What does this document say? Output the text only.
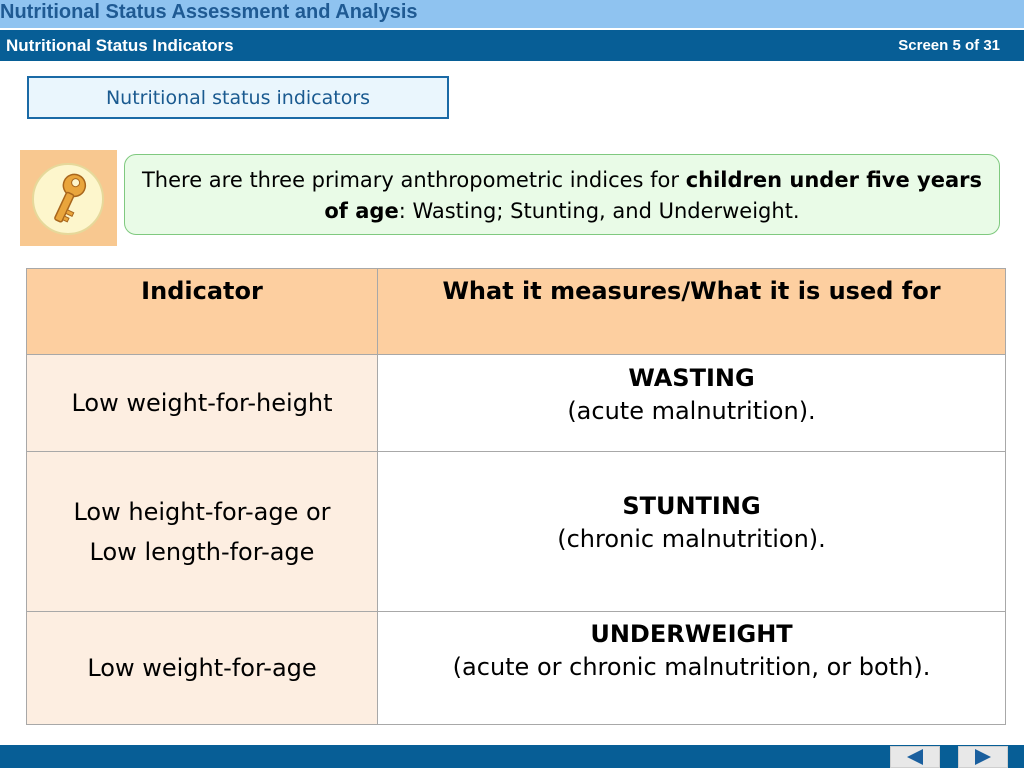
Nutritional Status Assessment and Analysis
Nutritional Status Indicators	Screen 5 of 31
Nutritional status indicators
There are three primary anthropometric indices for children under five years of age: Wasting; Stunting, and Underweight.
Indicator	What it measures/What it is used for
Low weight-for-height	WASTING
(acute malnutrition).
Low height-for-age or
Low length-for-age	STUNTING
(chronic malnutrition).
Low weight-for-age	UNDERWEIGHT
(acute or chronic malnutrition, or both).
